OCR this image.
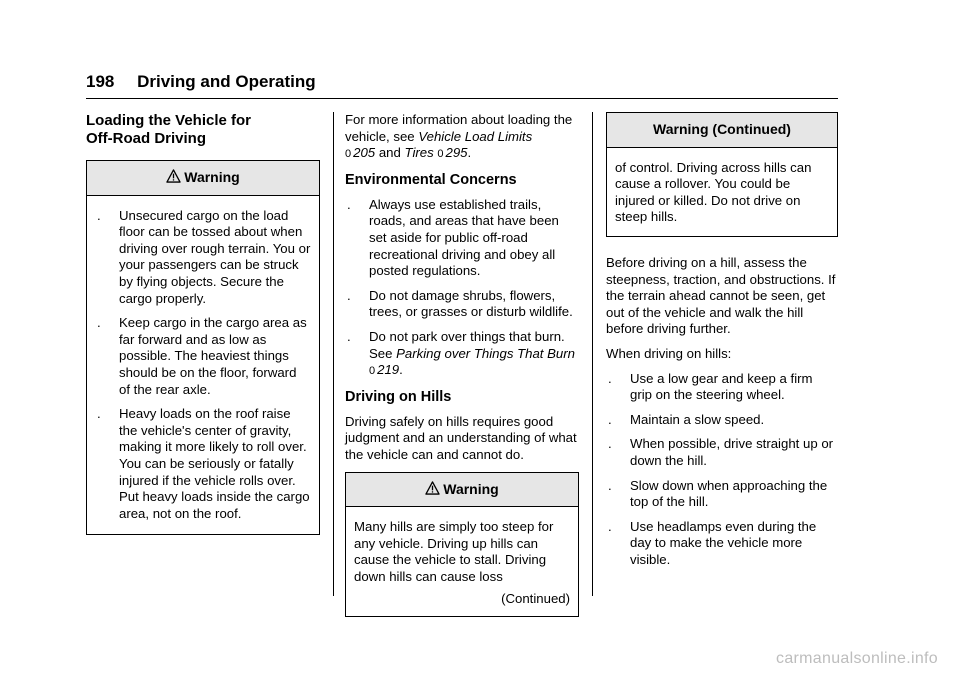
198 Driving and Operating
Loading the Vehicle for
Off-Road Driving
Warning
. Unsecured cargo on the load floor can be tossed about when driving over rough terrain. You or your passengers can be struck by flying objects. Secure the cargo properly.
. Keep cargo in the cargo area as far forward and as low as possible. The heaviest things should be on the floor, forward of the rear axle.
. Heavy loads on the roof raise the vehicle's center of gravity, making it more likely to roll over. You can be seriously or fatally injured if the vehicle rolls over. Put heavy loads inside the cargo area, not on the roof.

For more information about loading the vehicle, see Vehicle Load Limits
0 205 and Tires 0 295.

Environmental Concerns
. Always use established trails, roads, and areas that have been set aside for public off-road recreational driving and obey all posted regulations.
. Do not damage shrubs, flowers, trees, or grasses or disturb wildlife.
. Do not park over things that burn. See Parking over Things That Burn 0 219.
Driving on Hills

Driving safely on hills requires good judgment and an understanding of what the vehicle can and cannot do.

Warning
Many hills are simply too steep for any vehicle. Driving up hills can cause the vehicle to stall. Driving down hills can cause loss
(Continued)
Warning (Continued)
of control. Driving across hills can cause a rollover. You could be injured or killed. Do not drive on steep hills.

Before driving on a hill, assess the steepness, traction, and obstructions. If the terrain ahead cannot be seen, get out of the vehicle and walk the hill before driving further.

When driving on hills:

. Use a low gear and keep a firm grip on the steering wheel.
. Maintain a slow speed.
. When possible, drive straight up or down the hill.
. Slow down when approaching the top of the hill.
. Use headlamps even during the day to make the vehicle more visible.
carmanualsonline.info
